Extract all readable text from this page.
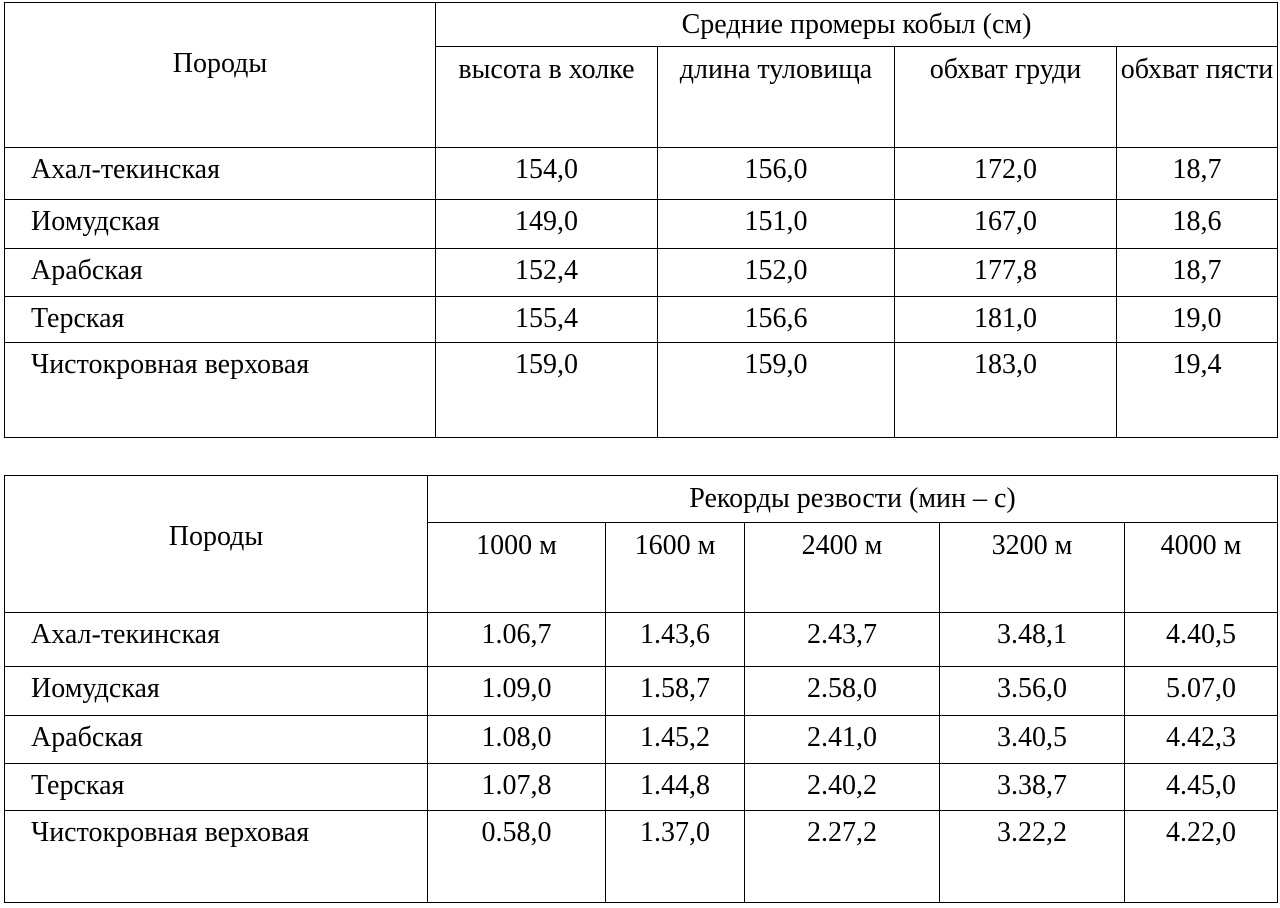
Породы	Средние промеры кобыл (см)			
	высота в холке	длина туловища	обхват груди	обхват пясти
Ахал-текинская	154,0	156,0	172,0	18,7
Иомудская	149,0	151,0	167,0	18,6
Арабская	152,4	152,0	177,8	18,7
Терская	155,4	156,6	181,0	19,0
Чистокровная верховая	159,0	159,0	183,0	19,4
Породы	Рекорды резвости (мин – с)				
	1000 м	1600 м	2400 м	3200 м	4000 м
Ахал-текинская	1.06,7	1.43,6	2.43,7	3.48,1	4.40,5
Иомудская	1.09,0	1.58,7	2.58,0	3.56,0	5.07,0
Арабская	1.08,0	1.45,2	2.41,0	3.40,5	4.42,3
Терская	1.07,8	1.44,8	2.40,2	3.38,7	4.45,0
Чистокровная верховая	0.58,0	1.37,0	2.27,2	3.22,2	4.22,0
